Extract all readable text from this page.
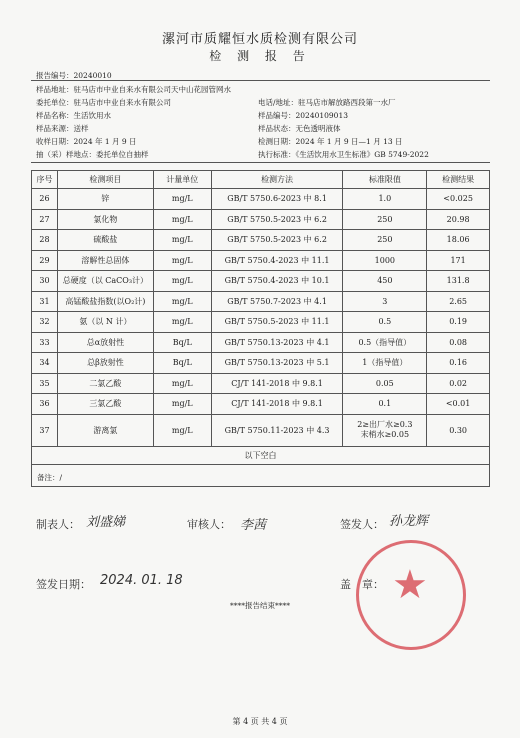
漯河市质耀恒水质检测有限公司
检 测 报 告
报告编号：20240010
样品地址：驻马店市中业自来水有限公司天中山花园管网水
委托单位：驻马店市中业自来水有限公司	电话/地址：驻马店市解放路西段第一水厂
样品名称：生活饮用水	样品编号：20240109013
样品来源：送样	样品状态：无色透明液体
收样日期：2024 年 1 月 9 日	检测日期：2024 年 1 月 9 日—1 月 13 日
抽（采）样地点：委托单位自抽样	执行标准：《生活饮用水卫生标准》GB 5749-2022
序号	检测项目	计量单位	检测方法	标准限值	检测结果
26	锌	mg/L	GB/T 5750.6-2023 中 8.1	1.0	<0.025
27	氯化物	mg/L	GB/T 5750.5-2023 中 6.2	250	20.98
28	硫酸盐	mg/L	GB/T 5750.5-2023 中 6.2	250	18.06
29	溶解性总固体	mg/L	GB/T 5750.4-2023 中 11.1	1000	171
30	总硬度（以 CaCO₃计）	mg/L	GB/T 5750.4-2023 中 10.1	450	131.8
31	高锰酸盐指数(以O₂计)	mg/L	GB/T 5750.7-2023 中 4.1	3	2.65
32	氨（以 N 计）	mg/L	GB/T 5750.5-2023 中 11.1	0.5	0.19
33	总α放射性	Bq/L	GB/T 5750.13-2023 中 4.1	0.5（指导值）	0.08
34	总β放射性	Bq/L	GB/T 5750.13-2023 中 5.1	1（指导值）	0.16
35	二氯乙酸	mg/L	CJ/T 141-2018 中 9.8.1	0.05	0.02
36	三氯乙酸	mg/L	CJ/T 141-2018 中 9.8.1	0.1	<0.01
37	游离氯	mg/L	GB/T 5750.11-2023 中 4.3	2≥出厂水≥0.3
末梢水≥0.05	0.30
以下空白					
备注：/
制表人： 刘盛娣	审核人： 李茜	签发人： 孙龙辉
签发日期： 2024. 01. 18	盖　章： ★
****报告结束****
第 4 页 共 4 页
